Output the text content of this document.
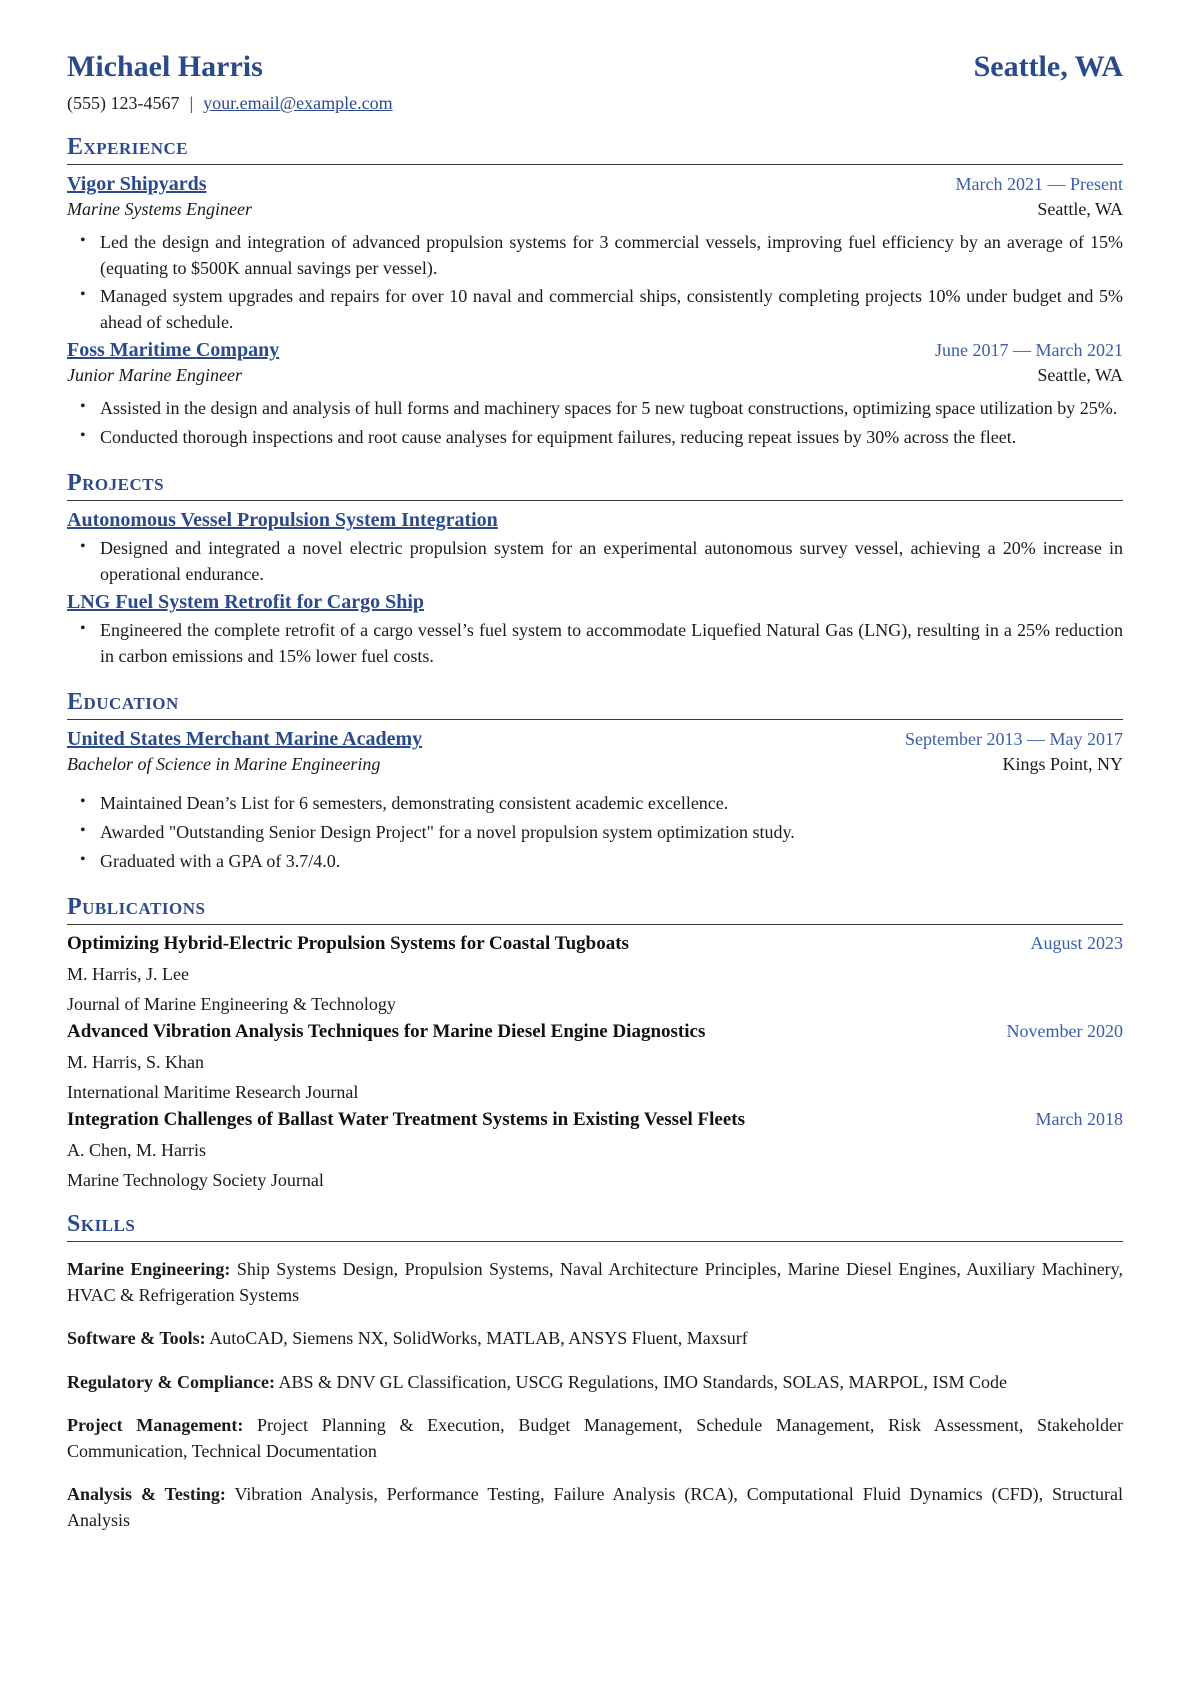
Michael Harris	Seattle, WA
(555) 123-4567 | your.email@example.com
Experience
Vigor Shipyards	March 2021 — Present
Marine Systems Engineer	Seattle, WA
• Led the design and integration of advanced propulsion systems for 3 commercial vessels, improving fuel efficiency by an average of 15% (equating to $500K annual savings per vessel).
• Managed system upgrades and repairs for over 10 naval and commercial ships, consistently completing projects 10% under budget and 5% ahead of schedule.
Foss Maritime Company	June 2017 — March 2021
Junior Marine Engineer	Seattle, WA
• Assisted in the design and analysis of hull forms and machinery spaces for 5 new tugboat constructions, optimizing space utilization by 25%.
• Conducted thorough inspections and root cause analyses for equipment failures, reducing repeat issues by 30% across the fleet.
Projects
Autonomous Vessel Propulsion System Integration
• Designed and integrated a novel electric propulsion system for an experimental autonomous survey vessel, achieving a 20% increase in operational endurance.
LNG Fuel System Retrofit for Cargo Ship
• Engineered the complete retrofit of a cargo vessel’s fuel system to accommodate Liquefied Natural Gas (LNG), resulting in a 25% reduction in carbon emissions and 15% lower fuel costs.
Education
United States Merchant Marine Academy	September 2013 — May 2017
Bachelor of Science in Marine Engineering	Kings Point, NY
• Maintained Dean’s List for 6 semesters, demonstrating consistent academic excellence.
• Awarded "Outstanding Senior Design Project" for a novel propulsion system optimization study.
• Graduated with a GPA of 3.7/4.0.
Publications
Optimizing Hybrid-Electric Propulsion Systems for Coastal Tugboats	August 2023
M. Harris, J. Lee
Journal of Marine Engineering & Technology
Advanced Vibration Analysis Techniques for Marine Diesel Engine Diagnostics	November 2020
M. Harris, S. Khan
International Maritime Research Journal
Integration Challenges of Ballast Water Treatment Systems in Existing Vessel Fleets	March 2018
A. Chen, M. Harris
Marine Technology Society Journal
Skills

Marine Engineering: Ship Systems Design, Propulsion Systems, Naval Architecture Principles, Marine Diesel Engines, Auxiliary Machinery, HVAC & Refrigeration Systems

Software & Tools: AutoCAD, Siemens NX, SolidWorks, MATLAB, ANSYS Fluent, Maxsurf

Regulatory & Compliance: ABS & DNV GL Classification, USCG Regulations, IMO Standards, SOLAS, MARPOL, ISM Code

Project Management: Project Planning & Execution, Budget Management, Schedule Management, Risk Assessment, Stakeholder Communication, Technical Documentation

Analysis & Testing: Vibration Analysis, Performance Testing, Failure Analysis (RCA), Computational Fluid Dynamics (CFD), Structural Analysis
